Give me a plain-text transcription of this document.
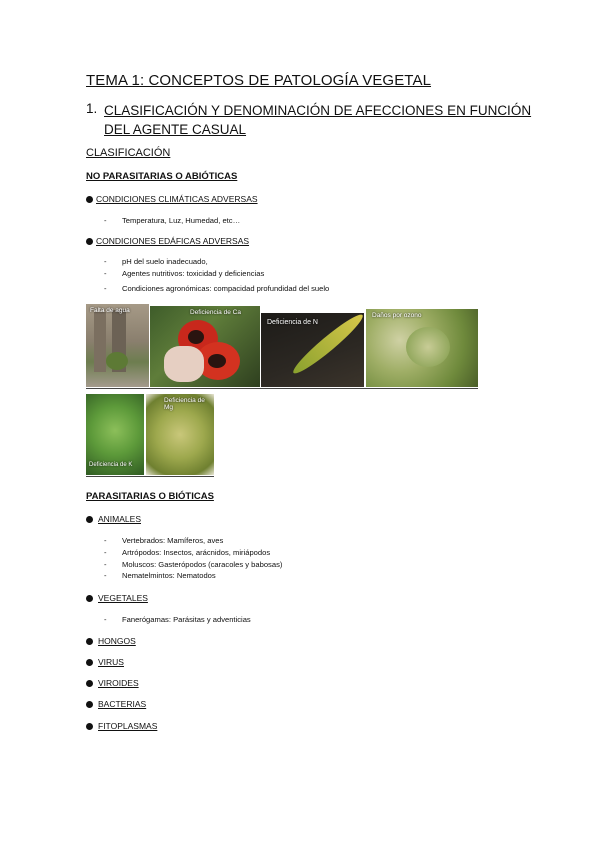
TEMA 1: CONCEPTOS DE PATOLOGÍA VEGETAL
1. CLASIFICACIÓN Y DENOMINACIÓN DE AFECCIONES EN FUNCIÓN DEL AGENTE CASUAL
CLASIFICACIÓN
NO PARASITARIAS O ABIÓTICAS
CONDICIONES CLIMÁTICAS ADVERSAS
-	Temperatura, Luz, Humedad, etc…
CONDICIONES EDÁFICAS ADVERSAS
-	pH del suelo inadecuado,
-	Agentes nutritivos: toxicidad y deficiencias
-	Condiciones agronómicas: compacidad profundidad del suelo
Falta de agua	Deficiencia de Ca
Deficiencia de N
Daños por ozono
Deficiencia de K
Deficiencia de Mg
PARASITARIAS O BIÓTICAS
ANIMALES
-	Vertebrados: Mamíferos, aves
-	Artrópodos: Insectos, arácnidos, miriápodos
-	Moluscos: Gasterópodos (caracoles y babosas)
-	Nematelmintos: Nematodos
VEGETALES
-	Fanerógamas: Parásitas y adventicias
HONGOS
VIRUS
VIROIDES
BACTERIAS
FITOPLASMAS
